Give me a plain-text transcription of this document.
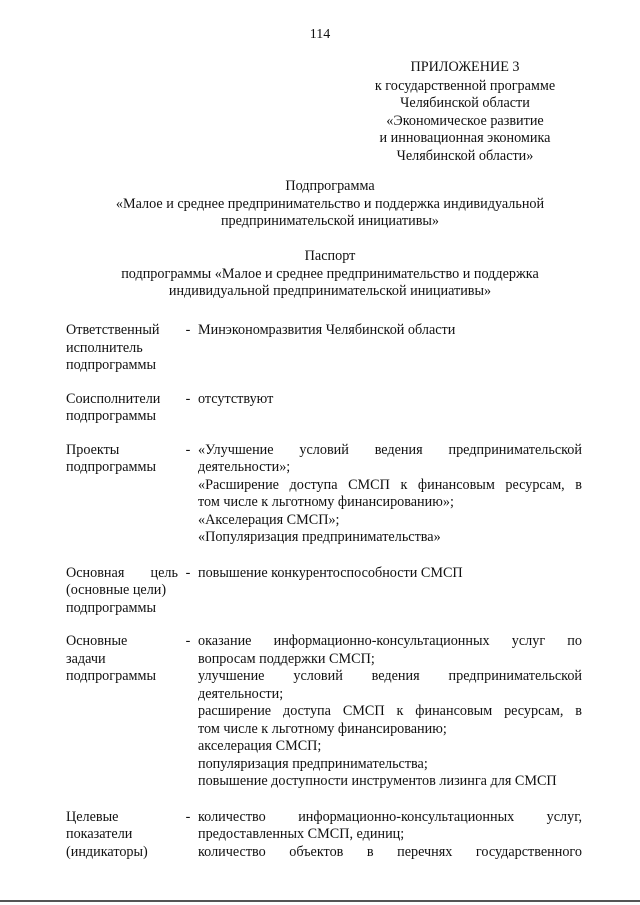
114
ПРИЛОЖЕНИЕ 3
к государственной программе
Челябинской области
«Экономическое развитие
и инновационная экономика
Челябинской области»
Подпрограмма
«Малое и среднее предпринимательство и поддержка индивидуальной
предпринимательской инициативы»
Паспорт
подпрограммы «Малое и среднее предпринимательство и поддержка
индивидуальной предпринимательской инициативы»
Ответственный
исполнитель
подпрограммы
- Минэкономразвития Челябинской области
Соисполнители
подпрограммы
- отсутствуют
Проекты
подпрограммы
- «Улучшение условий ведения предпринимательской
деятельности»;
«Расширение доступа СМСП к финансовым ресурсам, в
том числе к льготному финансированию»;
«Акселерация СМСП»;
«Популяризация предпринимательства»
Основная цель
(основные цели)
подпрограммы
- повышение конкурентоспособности СМСП
Основные
задачи
подпрограммы
- оказание информационно-консультационных услуг по
вопросам поддержки СМСП;
улучшение условий ведения предпринимательской
деятельности;
расширение доступа СМСП к финансовым ресурсам, в
том числе к льготному финансированию;
акселерация СМСП;
популяризация предпринимательства;
повышение доступности инструментов лизинга для СМСП
Целевые
показатели
(индикаторы)
- количество информационно-консультационных услуг,
предоставленных СМСП, единиц;
количество объектов в перечнях государственного
